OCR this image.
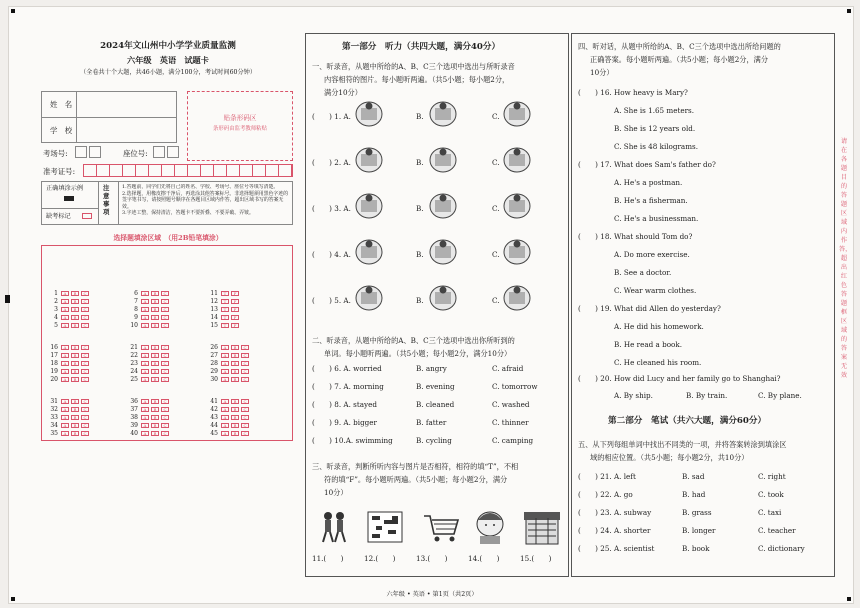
2024年文山州中小学学业质量监测
六年级　英语　试题卡
（全卷共十个大题，共46小题，满分100分，考试时间60分钟）
姓　名
学　校
考场号:	座位号:
贴条形码区
条形码由监考教师粘贴
准考证号:
正确填涂示例
缺考标记
注意事项
1.答题前，同学们先将自己的姓名、学校、考场号、座位号等填写清楚。
2.选择题，用橡皮擦干净后，再选涂其他答案标号。非选择题须用黑色字迹的签字笔书写，请按照题号顺序在各题目区域内作答，超出区域书写的答案无效。
3.字迹工整，保持清洁，答题卡不要折叠、不要弄破、弄皱。
选择题填涂区域　（用2B铅笔填涂）
1 A B C
2 A B C
3 A B C
4 A B C
5 A B C
6 A B C
7 A B C
8 A B C
9 A B C
10 A B C
11 T F
12 T F
13 T F
14 T F
15 T F
16 A B C
17 A B C
18 A B C
19 A B C
20 A B C
21 A B C
22 A B C
23 A B C
24 A B C
25 A B C
26 A B C
27 A B C
28 A B C
29 A B C
30 A B C
31 A B C
32 A B C
33 A B C
34 A B C
35 A B C
36 A B C
37 A B C
38 A B C
39 A B C
40 A B C
41 A B C
42 A B C
43 A B C
44 A B C
45 A B C
第一部分　听力（共四大题，满分40分）
一、听录音，从题中所给的A、B、C三个选项中选出与所听录音
内容相符的图片。每小题听两遍。（共5小题；每小题2分，
满分10分）
(　　) 1. A.	B.	C.
(　　) 2. A.	B.	C.
(　　) 3. A.	B.	C.
(　　) 4. A.	B.	C.
(　　) 5. A.	B.	C.
二、听录音，从题中所给的A、B、C三个选项中选出你所听到的
单词。每小题听两遍。（共5小题；每小题2分，满分10分）
(　　) 6. A. worried	B. angry	C. afraid
(　　) 7. A. morning	B. evening	C. tomorrow
(　　) 8. A. stayed	B. cleaned	C. washed
(　　) 9. A. bigger	B. fatter	C. thinner
(　　) 10.A. swimming	B. cycling	C. camping
三、听录音，判断所听内容与图片是否相符，相符的填“T”，不相
符的填“F”。每小题听两遍。（共5小题；每小题2分，满分
10分）
11.(　　)	12.(　　)	13.(　　)	14.(　　)	15.(　　)
四、听对话，从题中所给的A、B、C三个选项中选出所给问题的
正确答案。每小题听两遍。（共5小题；每小题2分，满分
10分）
(　　) 16. How heavy is Mary?
A. She is 1.65 meters.
B. She is 12 years old.
C. She is 48 kilograms.
(　　) 17. What does Sam's father do?
A. He's a postman.
B. He's a fisherman.
C. He's a businessman.
(　　) 18. What should Tom do?
A. Do more exercise.
B. See a doctor.
C. Wear warm clothes.
(　　) 19. What did Allen do yesterday?
A. He did his homework.
B. He read a book.
C. He cleaned his room.
(　　) 20. How did Lucy and her family go to Shanghai?
A. By ship.	B. By train.	C. By plane.
第二部分　笔试（共六大题，满分60分）
五、从下列每组单词中找出不同类的一项，并将答案转涂到填涂区
域的相应位置。（共5小题；每小题2分，共10分）
(　　) 21. A. left	B. sad	C. right
(　　) 22. A. go	B. had	C. took
(　　) 23. A. subway	B. grass	C. taxi
(　　) 24. A. shorter	B. longer	C. teacher
(　　) 25. A. scientist	B. book	C. dictionary
请在各题目的答题区域内作答，超出红色答题框区域的答案无效
六年级 • 英语 • 第1页（共2页）
